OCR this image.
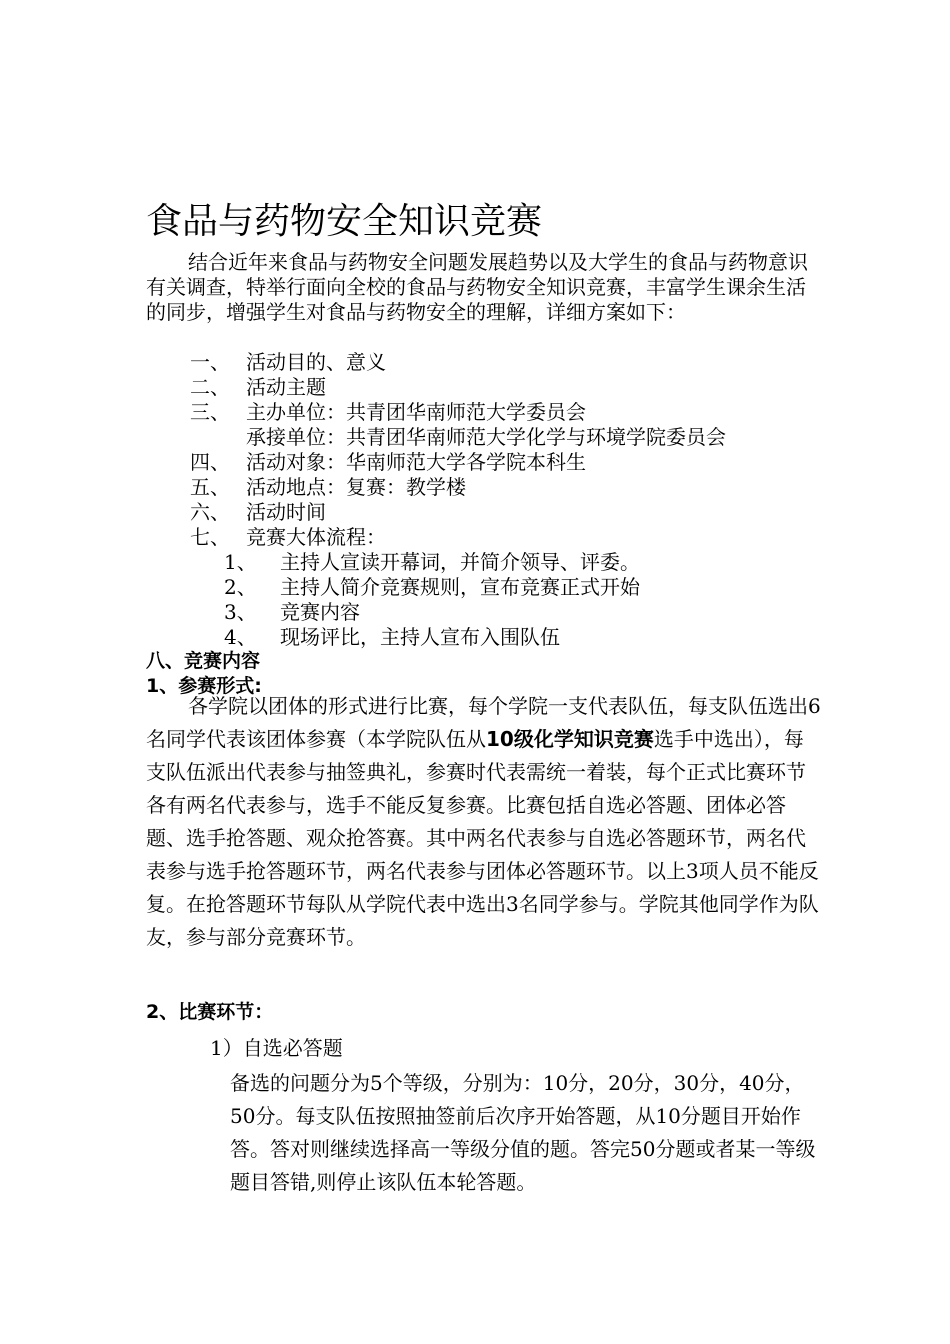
食品与药物安全知识竞赛
结合近年来食品与药物安全问题发展趋势以及大学生的食品与药物意识有关调查，特举行面向全校的食品与药物安全知识竞赛，丰富学生课余生活的同步，增强学生对食品与药物安全的理解，详细方案如下：
一、 活动目的、意义
二、 活动主题
三、 主办单位：共青团华南师范大学委员会
承接单位：共青团华南师范大学化学与环境学院委员会
四、 活动对象：华南师范大学各学院本科生
五、 活动地点：复赛：教学楼
六、 活动时间
七、 竞赛大体流程：
1、 主持人宣读开幕词，并简介领导、评委。
2、 主持人简介竞赛规则，宣布竞赛正式开始
3、 竞赛内容
4、 现场评比，主持人宣布入围队伍
八、竞赛内容
1、参赛形式:
各学院以团体的形式进行比赛，每个学院一支代表队伍，每支队伍选出6名同学代表该团体参赛（本学院队伍从10级化学知识竞赛选手中选出），每支队伍派出代表参与抽签典礼，参赛时代表需统一着装，每个正式比赛环节各有两名代表参与，选手不能反复参赛。比赛包括自选必答题、团体必答题、选手抢答题、观众抢答赛。其中两名代表参与自选必答题环节，两名代表参与选手抢答题环节，两名代表参与团体必答题环节。以上3项人员不能反复。在抢答题环节每队从学院代表中选出3名同学参与。学院其他同学作为队友，参与部分竞赛环节。
2、比赛环节：
1）自选必答题
备选的问题分为5个等级，分别为：10分，20分，30分，40分，50分。每支队伍按照抽签前后次序开始答题，从10分题目开始作答。答对则继续选择高一等级分值的题。答完50分题或者某一等级题目答错,则停止该队伍本轮答题。
